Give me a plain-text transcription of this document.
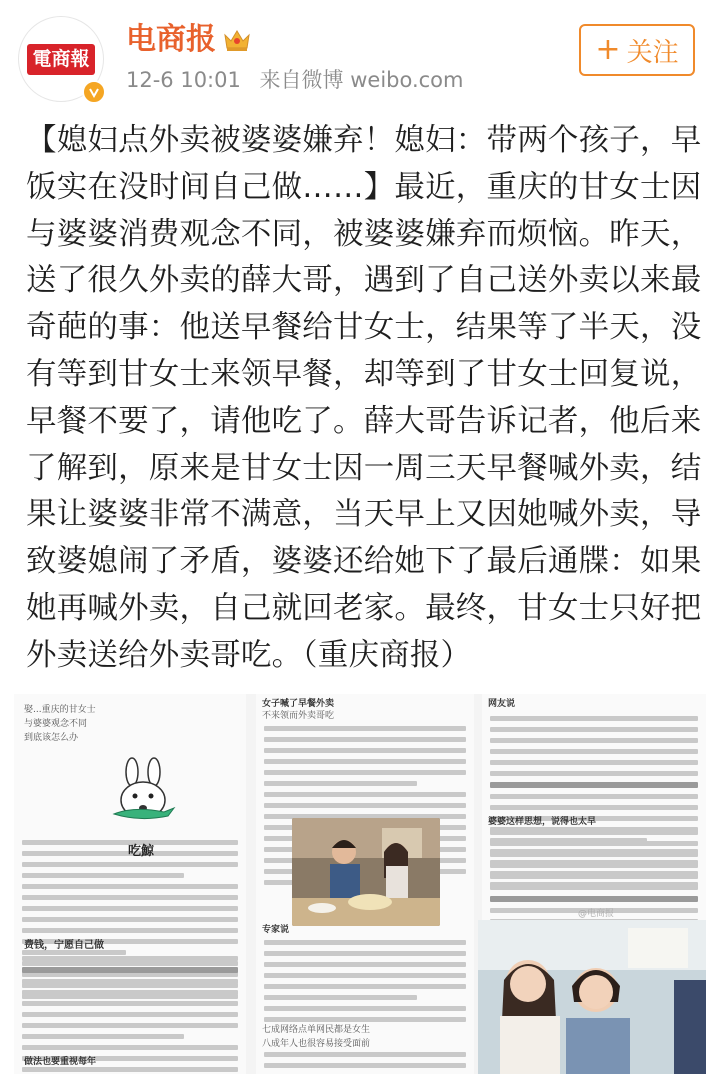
電商報
电商报
12-6 10:01 来自微博 weibo.com
+ 关注
【媳妇点外卖被婆婆嫌弃！媳妇：带两个孩子，早饭实在没时间自己做……】最近，重庆的甘女士因与婆婆消费观念不同，被婆婆嫌弃而烦恼。昨天，送了很久外卖的薛大哥，遇到了自己送外卖以来最奇葩的事：他送早餐给甘女士，结果等了半天，没有等到甘女士来领早餐，却等到了甘女士回复说，早餐不要了，请他吃了。薛大哥告诉记者，他后来了解到，原来是甘女士因一周三天早餐喊外卖，结果让婆婆非常不满意，当天早上又因她喊外卖，导致婆媳闹了矛盾，婆婆还给她下了最后通牒：如果她再喊外卖，自己就回老家。最终，甘女士只好把外卖送给外卖哥吃。（重庆商报）
娶...重庆的甘女士
与婆婆观念不同
到底该怎么办
费钱，宁愿自己做
做法也要重视每年
女子喊了早餐外卖
不来领而外卖哥吃
专家说
七成网络点单网民都是女生
八成年人也很容易接受面前
网友说
婆婆这样思想，说得也太早
@电商报
吃鯨
